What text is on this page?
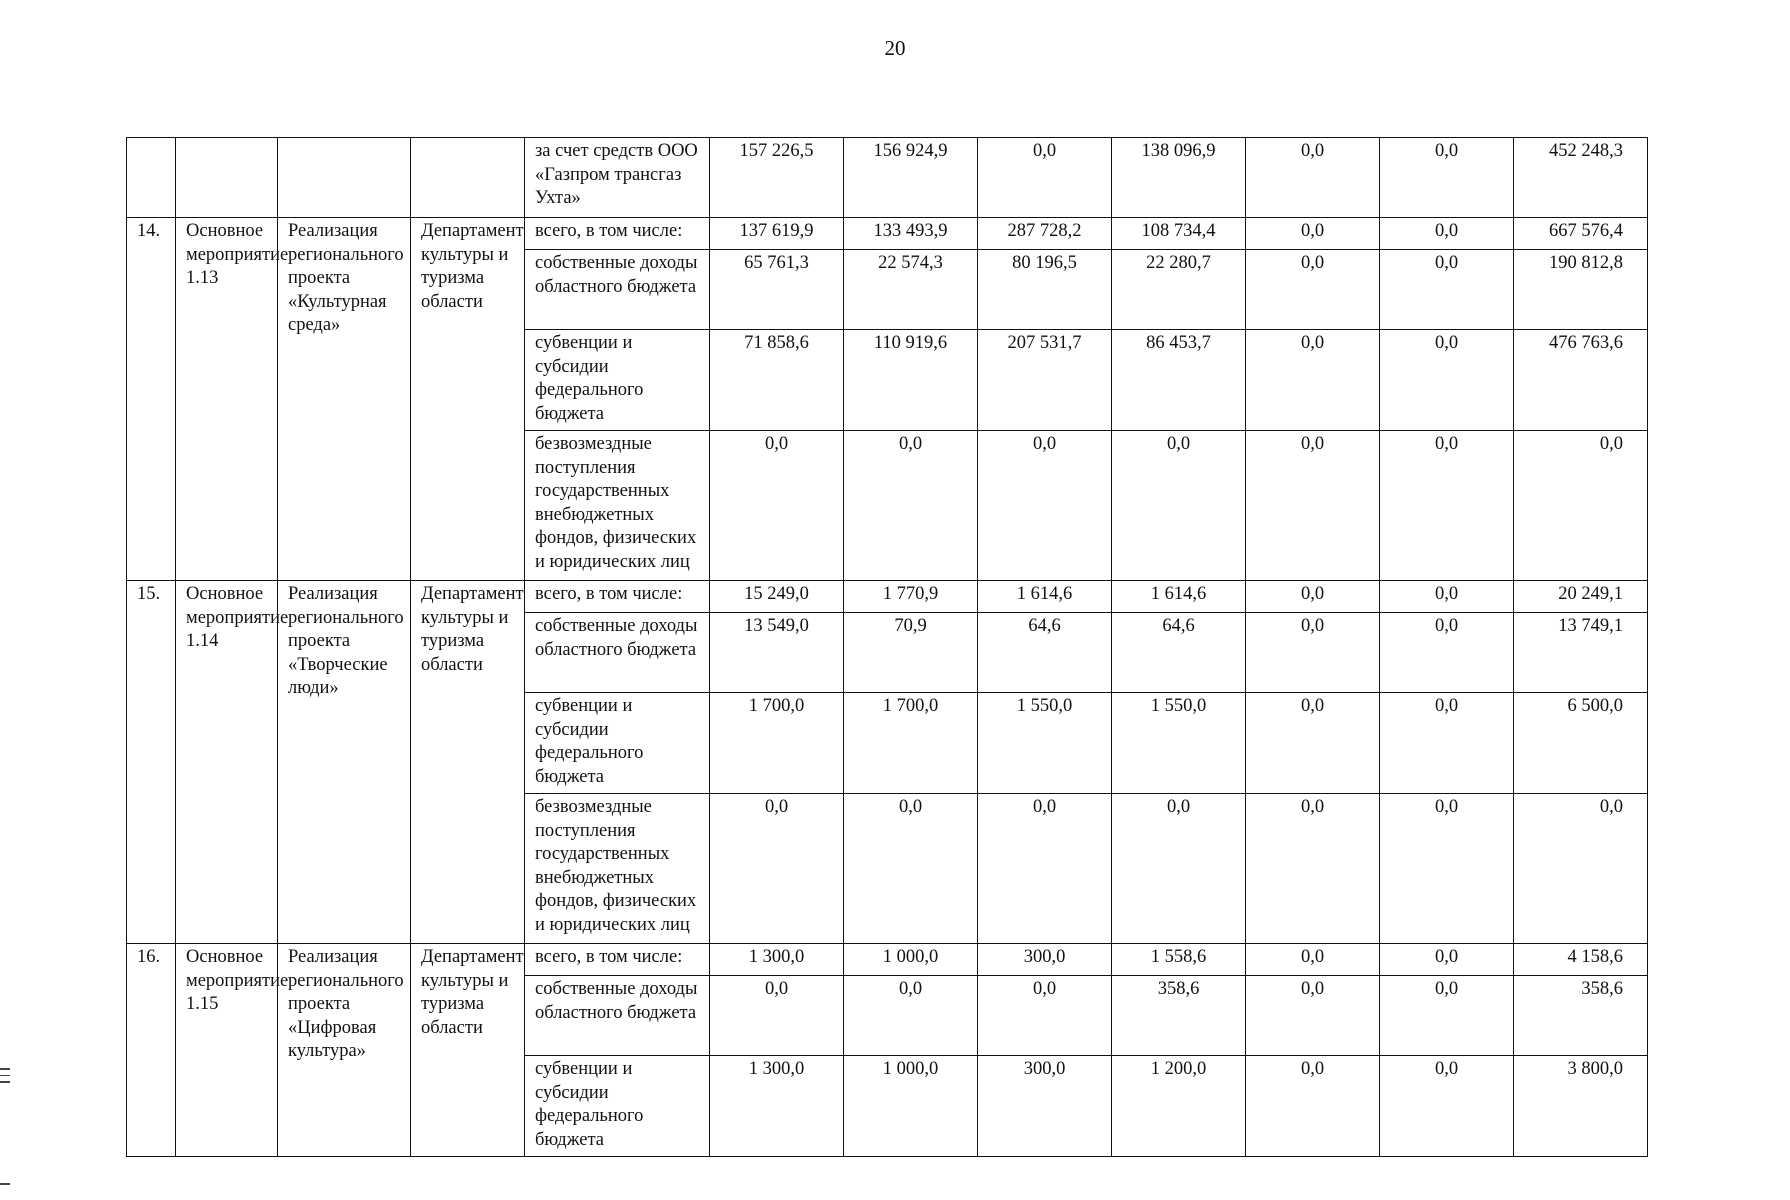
20
				за счет средств ООО «Газпром трансгаз Ухта»	157 226,5	156 924,9	0,0	138 096,9	0,0	0,0	452 248,3
14.	Основное мероприятие 1.13	Реализация регионального проекта «Культурная среда»	Департамент культуры и туризма области	всего, в том числе:	137 619,9	133 493,9	287 728,2	108 734,4	0,0	0,0	667 576,4
				собственные доходы областного бюджета	65 761,3	22 574,3	80 196,5	22 280,7	0,0	0,0	190 812,8
				субвенции и субсидии федерального бюджета	71 858,6	110 919,6	207 531,7	86 453,7	0,0	0,0	476 763,6
				безвозмездные поступления государственных внебюджетных фондов, физических и юридических лиц	0,0	0,0	0,0	0,0	0,0	0,0	0,0
15.	Основное мероприятие 1.14	Реализация регионального проекта «Творческие люди»	Департамент культуры и туризма области	всего, в том числе:	15 249,0	1 770,9	1 614,6	1 614,6	0,0	0,0	20 249,1
				собственные доходы областного бюджета	13 549,0	70,9	64,6	64,6	0,0	0,0	13 749,1
				субвенции и субсидии федерального бюджета	1 700,0	1 700,0	1 550,0	1 550,0	0,0	0,0	6 500,0
				безвозмездные поступления государственных внебюджетных фондов, физических и юридических лиц	0,0	0,0	0,0	0,0	0,0	0,0	0,0
16.	Основное мероприятие 1.15	Реализация регионального проекта «Цифровая культура»	Департамент культуры и туризма области	всего, в том числе:	1 300,0	1 000,0	300,0	1 558,6	0,0	0,0	4 158,6
				собственные доходы областного бюджета	0,0	0,0	0,0	358,6	0,0	0,0	358,6
				субвенции и субсидии федерального бюджета	1 300,0	1 000,0	300,0	1 200,0	0,0	0,0	3 800,0
